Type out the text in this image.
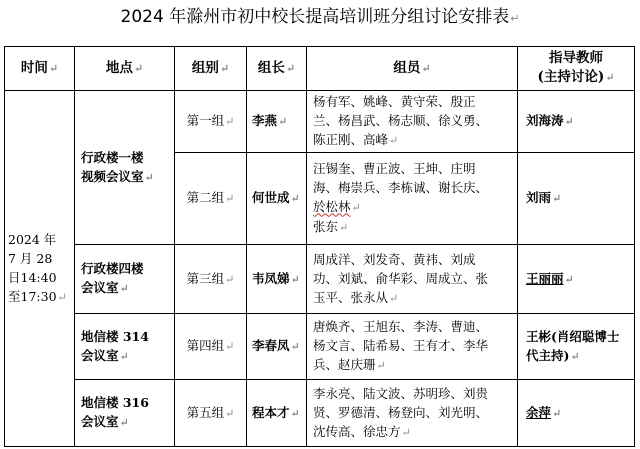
2024 年滁州市初中校长提高培训班分组讨论安排表↵
时间↵	地点↵	组别↵	组长↵	组员↵	指导教师
(主持讨论)↵

2024 年
7 月 28
日14:40
至17:30↵	行政楼一楼
视频会议室↵	第一组↵	李燕↵	杨有军、姚峰、黄守荣、殷正
兰、杨昌武、杨志顺、徐义勇、
陈正刚、高峰↵	刘海涛↵
		第二组↵	何世成↵	汪锡奎、曹正波、王坤、庄明
海、梅崇兵、李栋诚、谢长庆、
於松林↵
张东↵	刘雨↵

	行政楼四楼
会议室↵	第三组↵	韦凤娣↵	周成洋、刘发奇、黄祎、刘成
功、刘斌、俞华彩、周成立、张
玉平、张永从↵	王丽丽↵

	地信楼 314
会议室↵	第四组↵	李春凤↵	唐焕齐、王旭东、李涛、曹迪、
杨文言、陆希易、王有才、李华
兵、赵庆珊↵	王彬(肖绍聪博士
代主持)↵

	地信楼 316
会议室↵	第五组↵	程本才↵	李永亮、陆文波、苏明珍、刘贵
贤、罗德清、杨登向、刘光明、
沈传高、徐忠方↵	余萍↵
